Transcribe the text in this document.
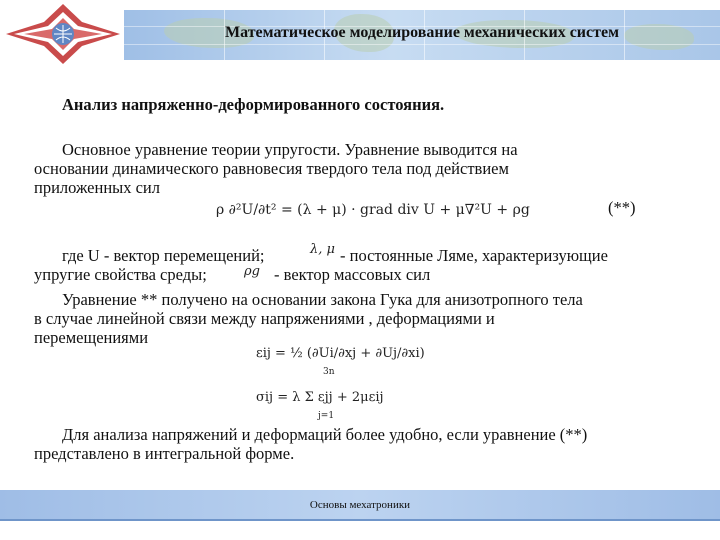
Математическое моделирование механических систем
Анализ напряженно-деформированного состояния.
Основное уравнение теории упругости. Уравнение выводится на
основании динамического равновесия твердого тела под действием
приложенных сил
ρ ∂²U/∂t² = (λ + μ) · grad div U + μ∇²U + ρg	(**)
где U - вектор перемещений;	λ, μ - постоянные Ляме, характеризующие
упругие свойства среды;	ρg - вектор массовых сил
Уравнение ** получено на основании закона Гука для анизотропного тела
в случае линейной связи между напряжениями , деформациями и
перемещениями
εij = ½ (∂Ui/∂xj + ∂Uj/∂xi)
σij = λ Σ εjj + 2μεij
3n
j=1
Для анализа напряжений и деформаций более удобно, если уравнение (**)
представлено в интегральной форме.
Основы мехатроники
